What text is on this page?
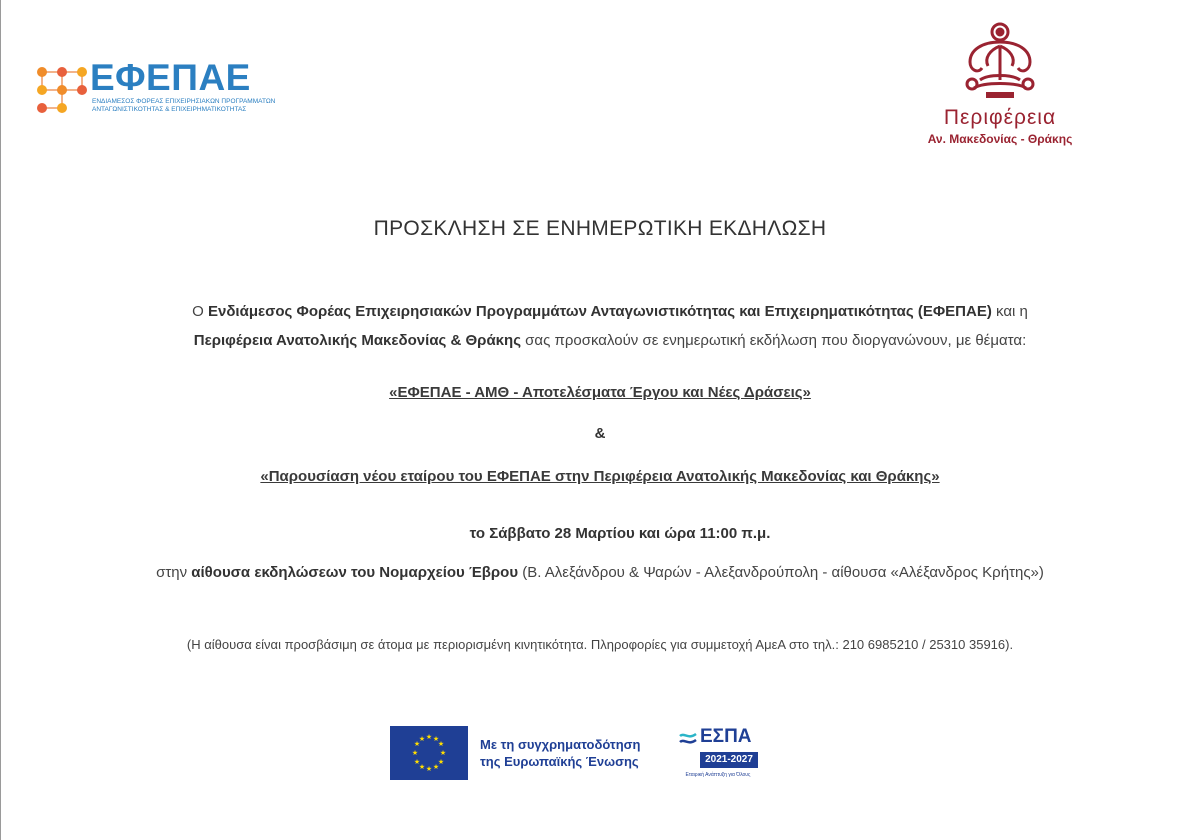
ΕΦΕΠΑΕ
ΕΝΔΙΑΜΕΣΟΣ ΦΟΡΕΑΣ ΕΠΙΧΕΙΡΗΣΙΑΚΩΝ ΠΡΟΓΡΑΜΜΑΤΩΝ
ΑΝΤΑΓΩΝΙΣΤΙΚΟΤΗΤΑΣ & ΕΠΙΧΕΙΡΗΜΑΤΙΚΟΤΗΤΑΣ	Περιφέρεια
Αν. Μακεδονίας - Θράκης
ΠΡΟΣΚΛΗΣΗ ΣΕ ΕΝΗΜΕΡΩΤΙΚΗ ΕΚΔΗΛΩΣΗ
Ο Ενδιάμεσος Φορέας Επιχειρησιακών Προγραμμάτων Ανταγωνιστικότητας και Επιχειρηματικότητας (ΕΦΕΠΑΕ) και η
Περιφέρεια Ανατολικής Μακεδονίας & Θράκης σας προσκαλούν σε ενημερωτική εκδήλωση που διοργανώνουν, με θέματα:
«ΕΦΕΠΑΕ - ΑΜΘ - Αποτελέσματα Έργου και Νέες Δράσεις»
&
«Παρουσίαση νέου εταίρου του ΕΦΕΠΑΕ στην Περιφέρεια Ανατολικής Μακεδονίας και Θράκης»
το Σάββατο 28 Μαρτίου και ώρα 11:00 π.μ.
στην αίθουσα εκδηλώσεων του Νομαρχείου Έβρου (Β. Αλεξάνδρου & Ψαρών - Αλεξανδρούπολη - αίθουσα «Αλέξανδρος Κρήτης»)
(Η αίθουσα είναι προσβάσιμη σε άτομα με περιορισμένη κινητικότητα. Πληροφορίες για συμμετοχή ΑμεΑ στο τηλ.: 210 6985210 / 25310 35916).
★ ★
★
★
★
★
★
★
★
★
★
★	Με τη συγχρηματοδότηση
της Ευρωπαϊκής Ένωσης
ΕΣΠΑ
2021-2027
Εταιρική Ανάπτυξη για Όλους
